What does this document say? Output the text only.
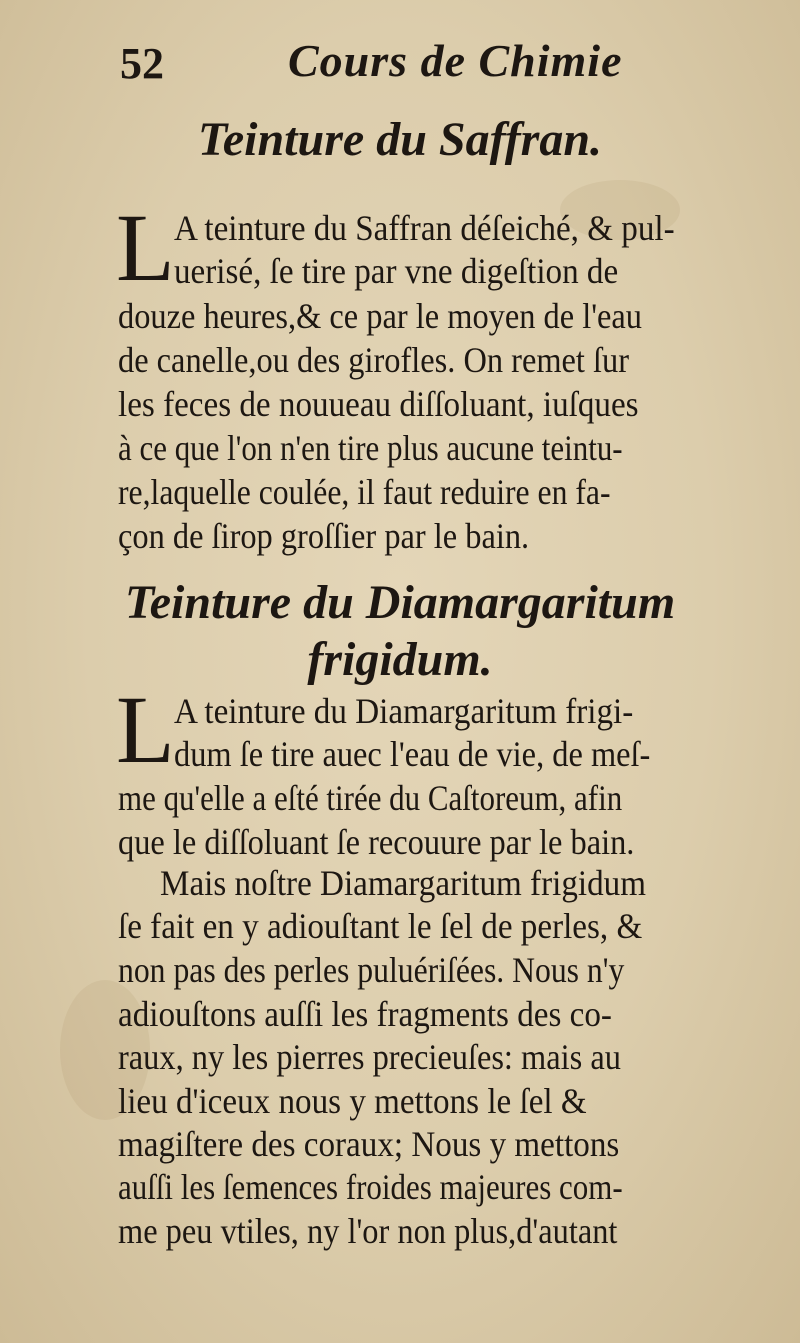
52	Cours de Chimie
Teinture du Saffran.
L A teinture du Saffran déſeiché, & pul-
uerisé, ſe tire par vne digeſtion de
douze heures,& ce par le moyen de l'eau
de canelle,ou des girofles. On remet ſur
les feces de nouueau diſſoluant, iuſques
à ce que l'on n'en tire plus aucune teintu-
re,laquelle coulée, il faut reduire en fa-
çon de ſirop groſſier par le bain.
Teinture du Diamargaritum
frigidum.
L A teinture du Diamargaritum frigi-
dum ſe tire auec l'eau de vie, de meſ-
me qu'elle a eſté tirée du Caſtoreum, afin
que le diſſoluant ſe recouure par le bain.
Mais noſtre Diamargaritum frigidum
ſe fait en y adiouſtant le ſel de perles, &
non pas des perles puluériſées. Nous n'y
adiouſtons auſſi les fragments des co-
raux, ny les pierres precieuſes: mais au
lieu d'iceux nous y mettons le ſel &
magiſtere des coraux; Nous y mettons
auſſi les ſemences froides majeures com-
me peu vtiles, ny l'or non plus,d'autant
